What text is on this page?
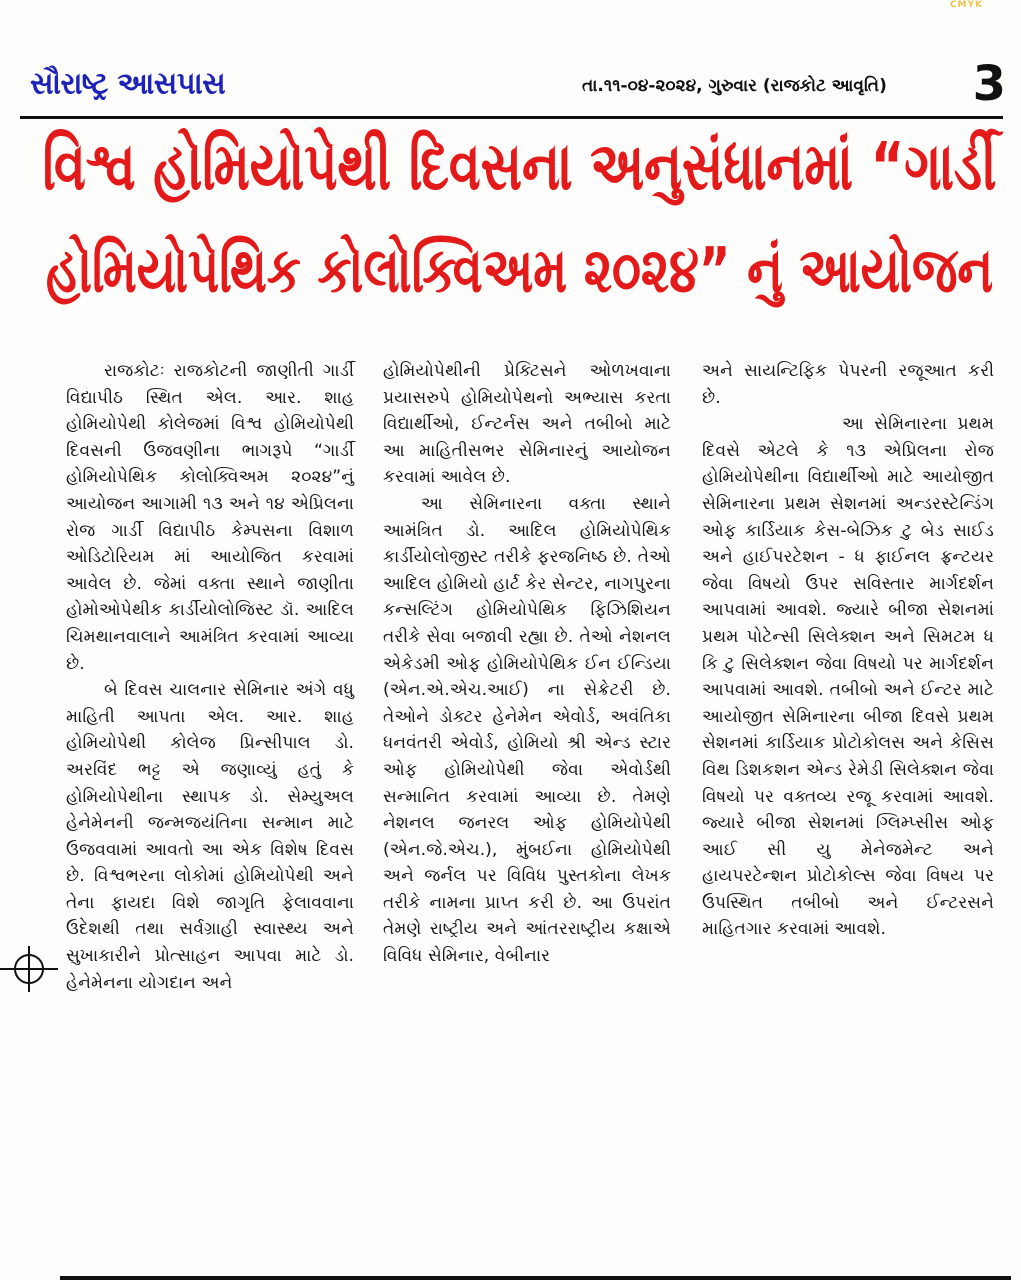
CMYK
સૌરાષ્ટ્ર આસપાસ	તા.૧૧-૦૪-૨૦૨૪, ગુરુવાર (રાજકોટ આવૃતિ) 3
વિશ્વ હોમિયોપેથી દિવસના અનુસંધાનમાં “ગાર્ડી
હોમિયોપેથિક કોલોક્વિઅમ ૨૦૨૪” નું આયોજન

રાજકોટઃ રાજકોટની જાણીતી ગાર્ડી વિદ્યાપીઠ સ્થિત એલ. આર. શાહ હોમિયોપેથી કોલેજમાં વિશ્વ હોમિયોપેથી દિવસની ઉજવણીના ભાગરૂપે “ગાર્ડી હોમિયોપેથિક કોલોક્વિઅમ ૨૦૨૪”નું આયોજન આગામી ૧૩ અને ૧૪ એપ્રિલના રોજ ગાર્ડી વિદ્યાપીઠ કેમ્પસના વિશાળ ઓડિટોરિયમ માં આયોજિત કરવામાં આવેલ છે. જેમાં વક્તા સ્થાને જાણીતા હોમોઓપેથીક કાર્ડીયોલોજિસ્ટ ડૉ. આદિલ ચિમથાનવાલાને આમંત્રિત કરવામાં આવ્યા છે.

બે દિવસ ચાલનાર સેમિનાર અંગે વધુ માહિતી આપતા એલ. આર. શાહ હોમિયોપેથી કોલેજ પ્રિન્સીપાલ ડો. અરવિંદ ભટ્ટ એ જણાવ્યું હતું કે હોમિયોપેથીના સ્થાપક ડો. સેમ્યુઅલ હેનેમેનની જન્મજયંતિના સન્માન માટે ઉજવવામાં આવતો આ એક વિશેષ દિવસ છે. વિશ્વભરના લોકોમાં હોમિયોપેથી અને તેના ફાયદા વિશે જાગૃતિ ફેલાવવાના ઉદેશથી તથા સર્વગ્રાહી સ્વાસ્થ્ય અને સુખાકારીને પ્રોત્સાહન આપવા માટે ડો. હેનેમેનના યોગદાન અને

હોમિયોપેથીની પ્રેક્ટિસને ઓળખવાના પ્રયાસરુપે હોમિયોપેથનો અભ્યાસ કરતા વિદ્યાર્થીઓ, ઈન્ટર્નસ અને તબીબો માટે આ માહિતીસભર સેમિનારનું આયોજન કરવામાં આવેલ છે.

આ સેમિનારના વક્તા સ્થાને આમંત્રિત ડો. આદિલ હોમિયોપેથિક કાર્ડીયોલોજીસ્ટ તરીકે ફરજનિષ્ઠ છે. તેઓ આદિલ હોમિયો હાર્ટ કેર સેન્ટર, નાગપુરના કન્સલ્ટિંગ હોમિયોપેથિક ફિઝિશિયન તરીકે સેવા બજાવી રહ્યા છે. તેઓ નેશનલ એકેડમી ઓફ હોમિયોપેથિક ઈન ઈન્ડિયા (એન.એ.એચ.આઈ) ના સેક્રેટરી છે. તેઓને ડોક્ટર હેનેમેન એવોર્ડ, અવંતિકા ધનવંતરી એવોર્ડ, હોમિયો શ્રી એન્ડ સ્ટાર ઓફ હોમિયોપેથી જેવા એવોર્ડથી સન્માનિત કરવામાં આવ્યા છે. તેમણે નેશનલ જનરલ ઓફ હોમિયોપેથી (એન.જે.એચ.), મુંબઈના હોમિયોપેથી અને જર્નલ પર વિવિધ પુસ્તકોના લેખક તરીકે નામના પ્રાપ્ત કરી છે. આ ઉપરાંત તેમણે રાષ્ટ્રીય અને આંતરરાષ્ટ્રીય કક્ષાએ વિવિધ સેમિનાર, વેબીનાર

અને સાયન્ટિફિક પેપરની રજૂઆત કરી છે.

આ સેમિનારના પ્રથમ દિવસે એટલે કે ૧૩ એપ્રિલના રોજ હોમિયોપેથીના વિદ્યાર્થીઓ માટે આયોજીત સેમિનારના પ્રથમ સેશનમાં અન્ડરસ્ટેન્ડિંગ ઓફ કાર્ડિયાક કેસ-બેઝિક ટુ બેડ સાઈડ અને હાઈપરટેશન - ધ ફાઈનલ ફ્રન્ટયર જેવા વિષયો ઉપર સવિસ્તાર માર્ગદર્શન આપવામાં આવશે. જ્યારે બીજા સેશનમાં પ્રથમ પોટેન્સી સિલેક્શન અને સિમટમ ધ કિ ટુ સિલેક્શન જેવા વિષયો પર માર્ગદર્શન આપવામાં આવશે. તબીબો અને ઈન્ટર માટે આયોજીત સેમિનારના બીજા દિવસે પ્રથમ સેશનમાં કાર્ડિયાક પ્રોટોકોલસ અને કેસિસ વિથ ડિશકશન એન્ડ રેમેડી સિલેક્શન જેવા વિષયો પર વક્તવ્ય રજૂ કરવામાં આવશે. જ્યારે બીજા સેશનમાં ગ્લિમ્પ્સીસ ઓફ આઈ સી યુ મેનેજમેન્ટ અને હાયપરટેન્શન પ્રોટોકોલ્સ જેવા વિષય પર ઉપસ્થિત તબીબો અને ઈન્ટરસને માહિતગાર કરવામાં આવશે.
